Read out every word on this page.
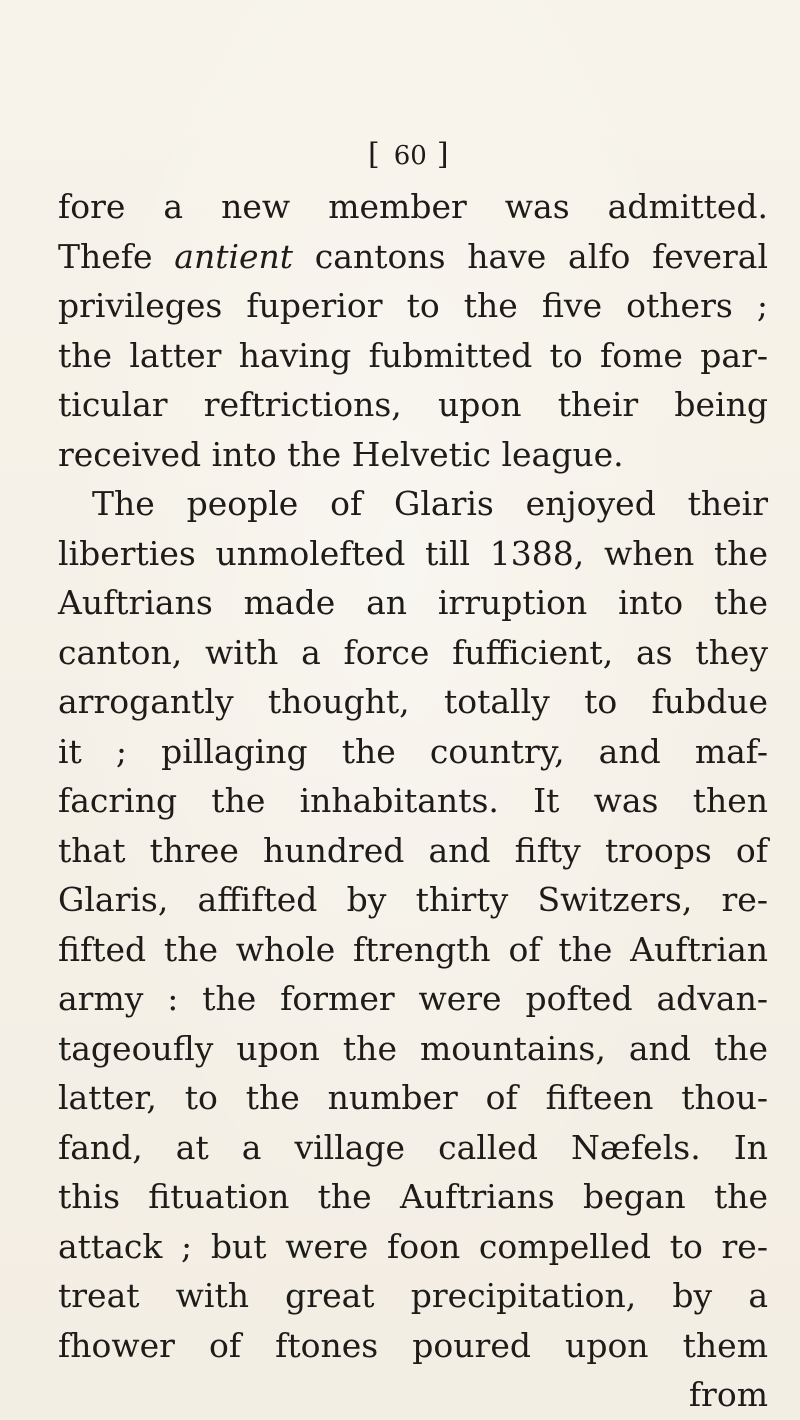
[ 60 ]
fore a new member was admitted.
Thefe antient cantons have alfo feveral
privileges fuperior to the five others ;
the latter having fubmitted to fome par-
ticular reftrictions, upon their being
received into the Helvetic league.
The people of Glaris enjoyed their
liberties unmolefted till 1388, when the
Auftrians made an irruption into the
canton, with a force fufficient, as they
arrogantly thought, totally to fubdue
it ; pillaging the country, and maf-
facring the inhabitants. It was then
that three hundred and fifty troops of
Glaris, affifted by thirty Switzers, re-
fifted the whole ftrength of the Auftrian
army : the former were pofted advan-
tageoufly upon the mountains, and the
latter, to the number of fifteen thou-
fand, at a village called Næfels. In
this fituation the Auftrians began the
attack ; but were foon compelled to re-
treat with great precipitation, by a
fhower of ftones poured upon them
from
